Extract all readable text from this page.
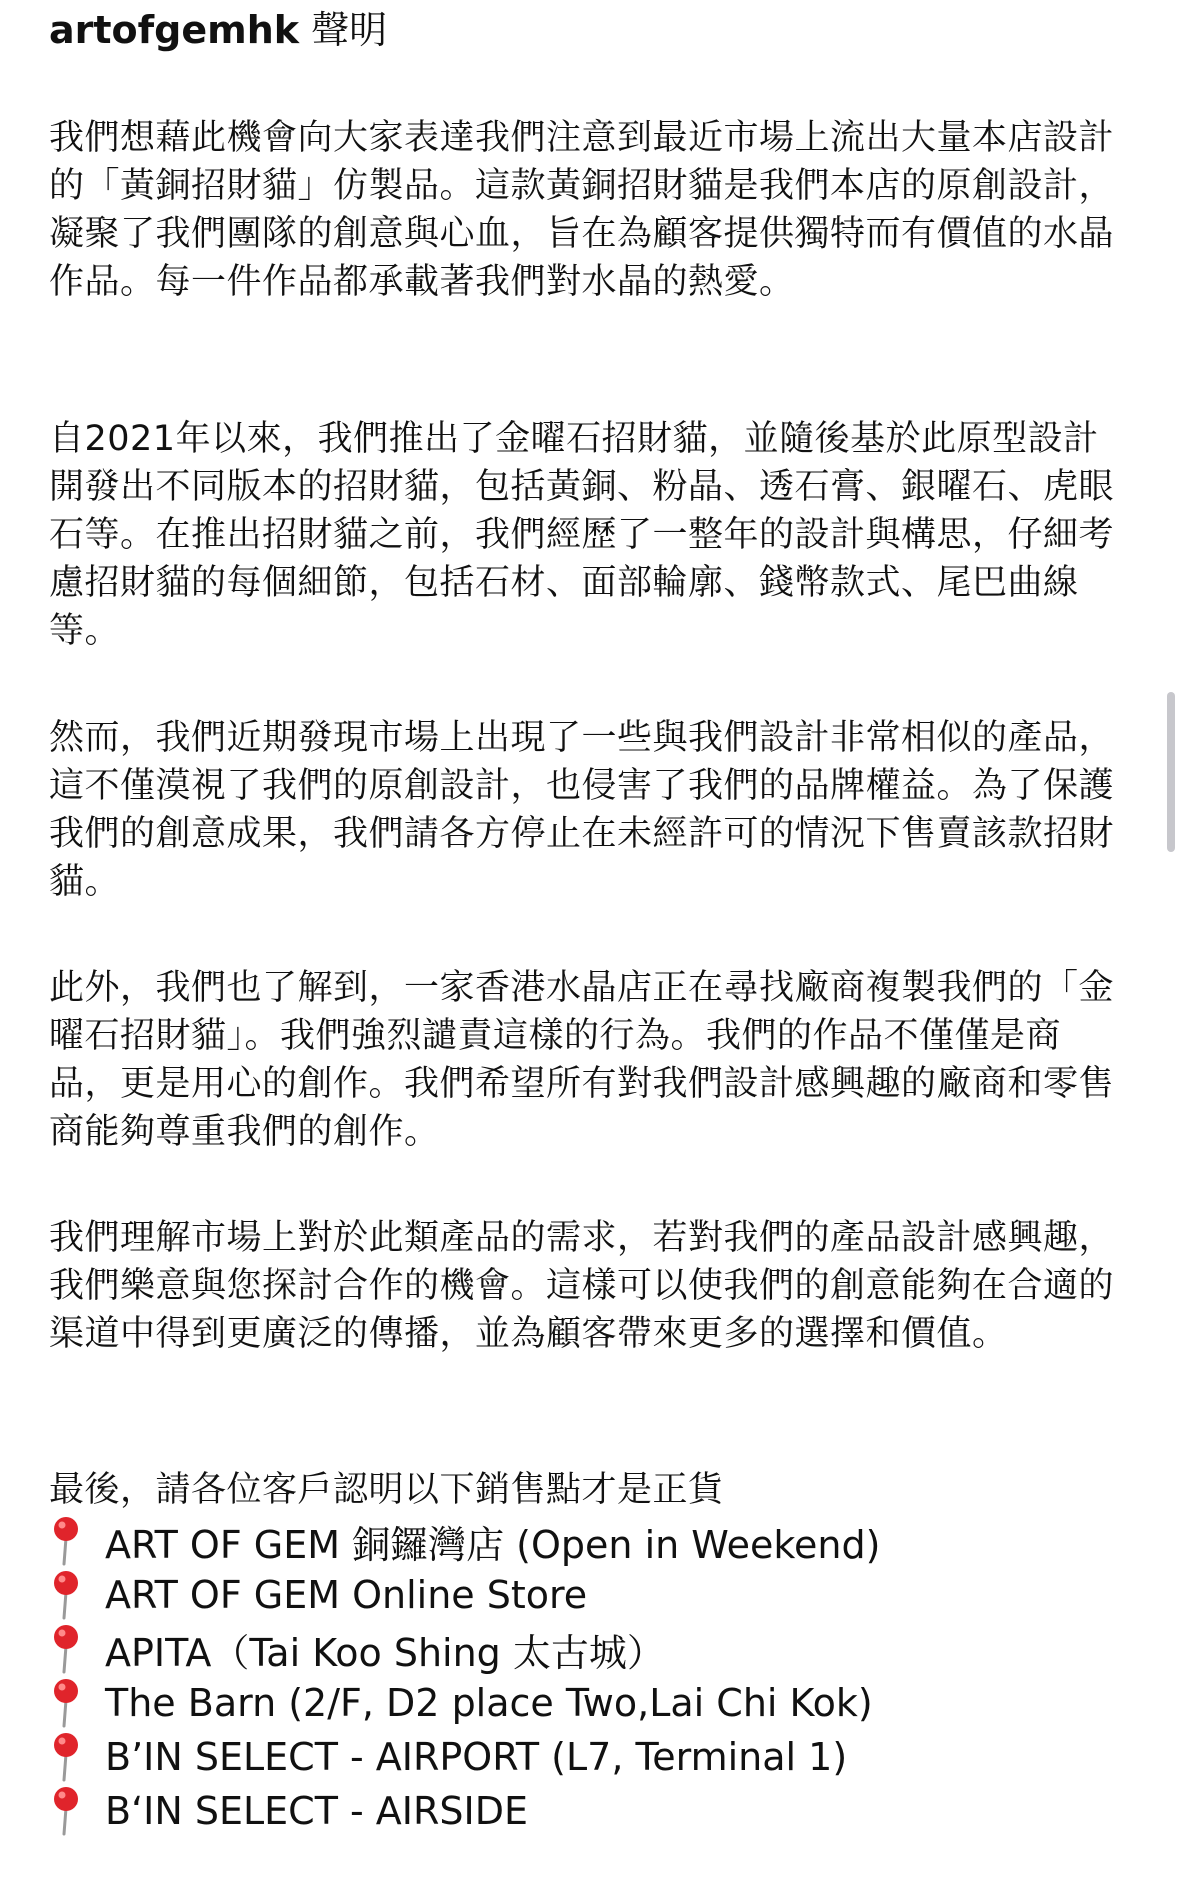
artofgemhk 聲明

我們想藉此機會向大家表達我們注意到最近市場上流出大量本店設計的「黃銅招財貓」仿製品。這款黃銅招財貓是我們本店的原創設計，凝聚了我們團隊的創意與心血，旨在為顧客提供獨特而有價值的水晶作品。每一件作品都承載著我們對水晶的熱愛。

自2021年以來，我們推出了金曜石招財貓，並隨後基於此原型設計開發出不同版本的招財貓，包括黃銅、粉晶、透石膏、銀曜石、虎眼石等。在推出招財貓之前，我們經歷了一整年的設計與構思，仔細考慮招財貓的每個細節，包括石材、面部輪廓、錢幣款式、尾巴曲線等。

然而，我們近期發現市場上出現了一些與我們設計非常相似的產品，這不僅漠視了我們的原創設計，也侵害了我們的品牌權益。為了保護我們的創意成果，我們請各方停止在未經許可的情況下售賣該款招財貓。

此外，我們也了解到，一家香港水晶店正在尋找廠商複製我們的「金曜石招財貓」。我們強烈譴責這樣的行為。我們的作品不僅僅是商品，更是用心的創作。我們希望所有對我們設計感興趣的廠商和零售商能夠尊重我們的創作。

我們理解市場上對於此類產品的需求，若對我們的產品設計感興趣，我們樂意與您探討合作的機會。這樣可以使我們的創意能夠在合適的渠道中得到更廣泛的傳播，並為顧客帶來更多的選擇和價值。

最後，請各位客戶認明以下銷售點才是正貨

ART OF GEM 銅鑼灣店 (Open in Weekend)
ART OF GEM Online Store
APITA（Tai Koo Shing 太古城）
The Barn (2/F, D2 place Two,Lai Chi Kok)
B’IN SELECT - AIRPORT (L7, Terminal 1)
B‘IN SELECT - AIRSIDE
